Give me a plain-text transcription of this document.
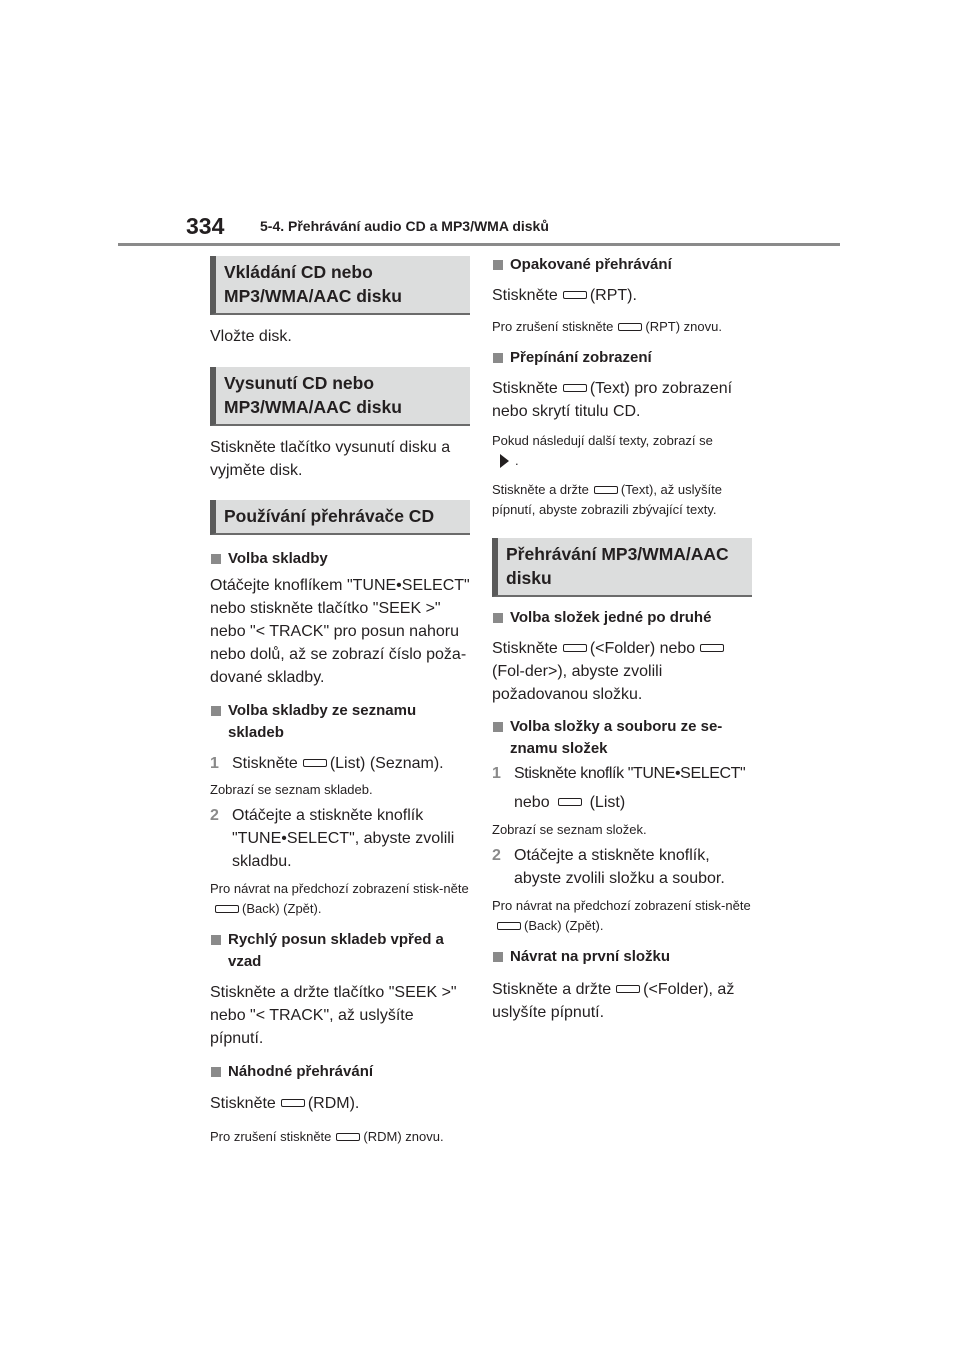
334	5-4. Přehrávání audio CD a MP3/WMA disků
Vkládání CD nebo MP3/WMA/AAC disku
Vložte disk.
Vysunutí CD nebo MP3/WMA/AAC disku
Stiskněte tlačítko vysunutí disku a vyjměte disk.
Používání přehrávače CD
Volba skladby
Otáčejte knoflíkem "TUNE•SELECT" nebo stiskněte tlačítko "SEEK >" nebo "< TRACK" pro posun nahoru nebo dolů, až se zobrazí číslo poža-dované skladby.
Volba skladby ze seznamu skladeb
1 Stiskněte (List) (Seznam).
Zobrazí se seznam skladeb.
2 Otáčejte a stiskněte knoflík "TUNE•SELECT", abyste zvolili skladbu.
Pro návrat na předchozí zobrazení stisk-něte(Back) (Zpět).
Rychlý posun skladeb vpřed a vzad
Stiskněte a držte tlačítko "SEEK >" nebo "< TRACK", až uslyšíte pípnutí.
Náhodné přehrávání
Stiskněte (RDM).
Pro zrušení stiskněte (RDM) znovu.
Opakované přehrávání
Stiskněte (RPT).
Pro zrušení stiskněte (RPT) znovu.
Přepínání zobrazení
Stiskněte (Text) pro zobrazení nebo skrytí titulu CD.
Pokud následují další texty, zobrazí se
.
Stiskněte a držte (Text), až uslyšíte pípnutí, abyste zobrazili zbývající texty.
Přehrávání MP3/WMA/AAC disku
Volba složek jedné po druhé
Stiskněte (<Folder) nebo(Fol-der>), abyste zvolili požadovanou složku.
Volba složky a souboru ze se-znamu složek
1 Stiskněte knoflík "TUNE•SELECT"
nebo	(List)
Zobrazí se seznam složek.
2 Otáčejte a stiskněte knoflík, abyste zvolili složku a soubor.
Pro návrat na předchozí zobrazení stisk-něte(Back) (Zpět).
Návrat na první složku
Stiskněte a držte (<Folder), až uslyšíte pípnutí.
